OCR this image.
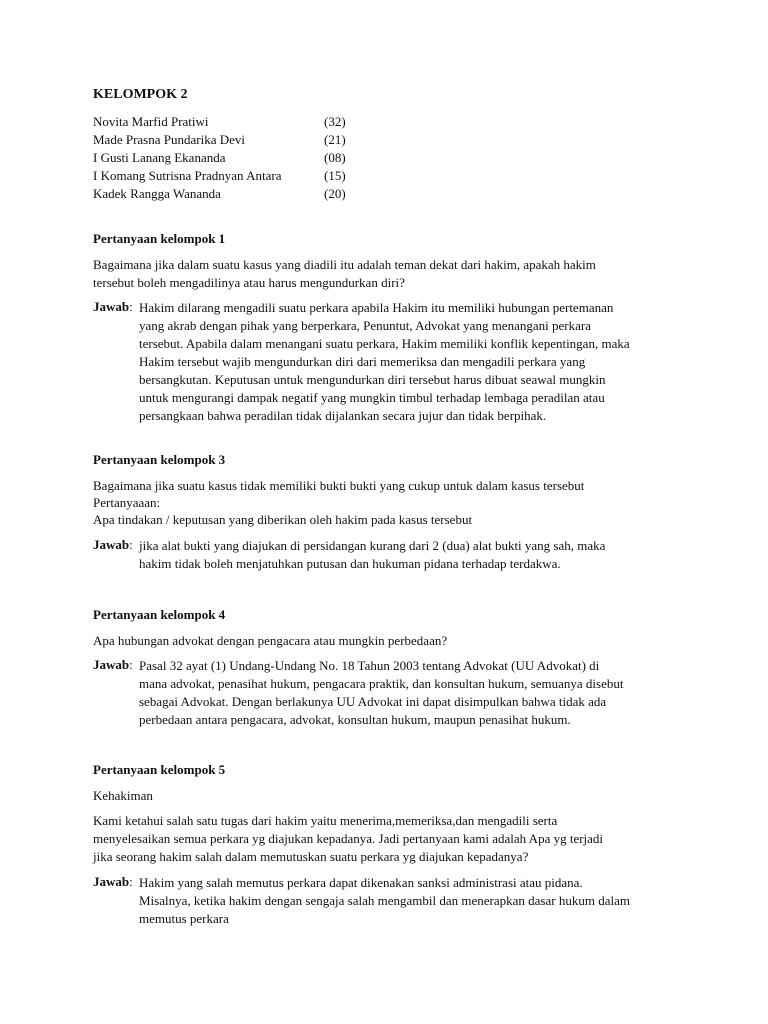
KELOMPOK 2
Novita Marfid Pratiwi	(32)
Made Prasna Pundarika Devi	(21)
I Gusti Lanang Ekananda	(08)
I Komang Sutrisna Pradnyan Antara	(15)
Kadek Rangga Wananda	(20)
Pertanyaan kelompok 1
Bagaimana jika dalam suatu kasus yang diadili itu adalah teman dekat dari hakim, apakah hakim
tersebut boleh mengadilinya atau harus mengundurkan diri?
Jawab: Hakim dilarang mengadili suatu perkara apabila Hakim itu memiliki hubungan pertemanan
yang akrab dengan pihak yang berperkara, Penuntut, Advokat yang menangani perkara
tersebut. Apabila dalam menangani suatu perkara, Hakim memiliki konflik kepentingan, maka
Hakim tersebut wajib mengundurkan diri dari memeriksa dan mengadili perkara yang
bersangkutan. Keputusan untuk mengundurkan diri tersebut harus dibuat seawal mungkin
untuk mengurangi dampak negatif yang mungkin timbul terhadap lembaga peradilan atau
persangkaan bahwa peradilan tidak dijalankan secara jujur dan tidak berpihak.
Pertanyaan kelompok 3
Bagaimana jika suatu kasus tidak memiliki bukti bukti yang cukup untuk dalam kasus tersebut
Pertanyaaan:
Apa tindakan / keputusan yang diberikan oleh hakim pada kasus tersebut
Jawab: jika alat bukti yang diajukan di persidangan kurang dari 2 (dua) alat bukti yang sah, maka
hakim tidak boleh menjatuhkan putusan dan hukuman pidana terhadap terdakwa.
Pertanyaan kelompok 4
Apa hubungan advokat dengan pengacara atau mungkin perbedaan?
Jawab: Pasal 32 ayat (1) Undang-Undang No. 18 Tahun 2003 tentang Advokat (UU Advokat) di
mana advokat, penasihat hukum, pengacara praktik, dan konsultan hukum, semuanya disebut
sebagai Advokat. Dengan berlakunya UU Advokat ini dapat disimpulkan bahwa tidak ada
perbedaan antara pengacara, advokat, konsultan hukum, maupun penasihat hukum.
Pertanyaan kelompok 5
Kehakiman
Kami ketahui salah satu tugas dari hakim yaitu menerima,memeriksa,dan mengadili serta
menyelesaikan semua perkara yg diajukan kepadanya. Jadi pertanyaan kami adalah Apa yg terjadi
jika seorang hakim salah dalam memutuskan suatu perkara yg diajukan kepadanya?
Jawab: Hakim yang salah memutus perkara dapat dikenakan sanksi administrasi atau pidana.
Misalnya, ketika hakim dengan sengaja salah mengambil dan menerapkan dasar hukum dalam
memutus perkara
